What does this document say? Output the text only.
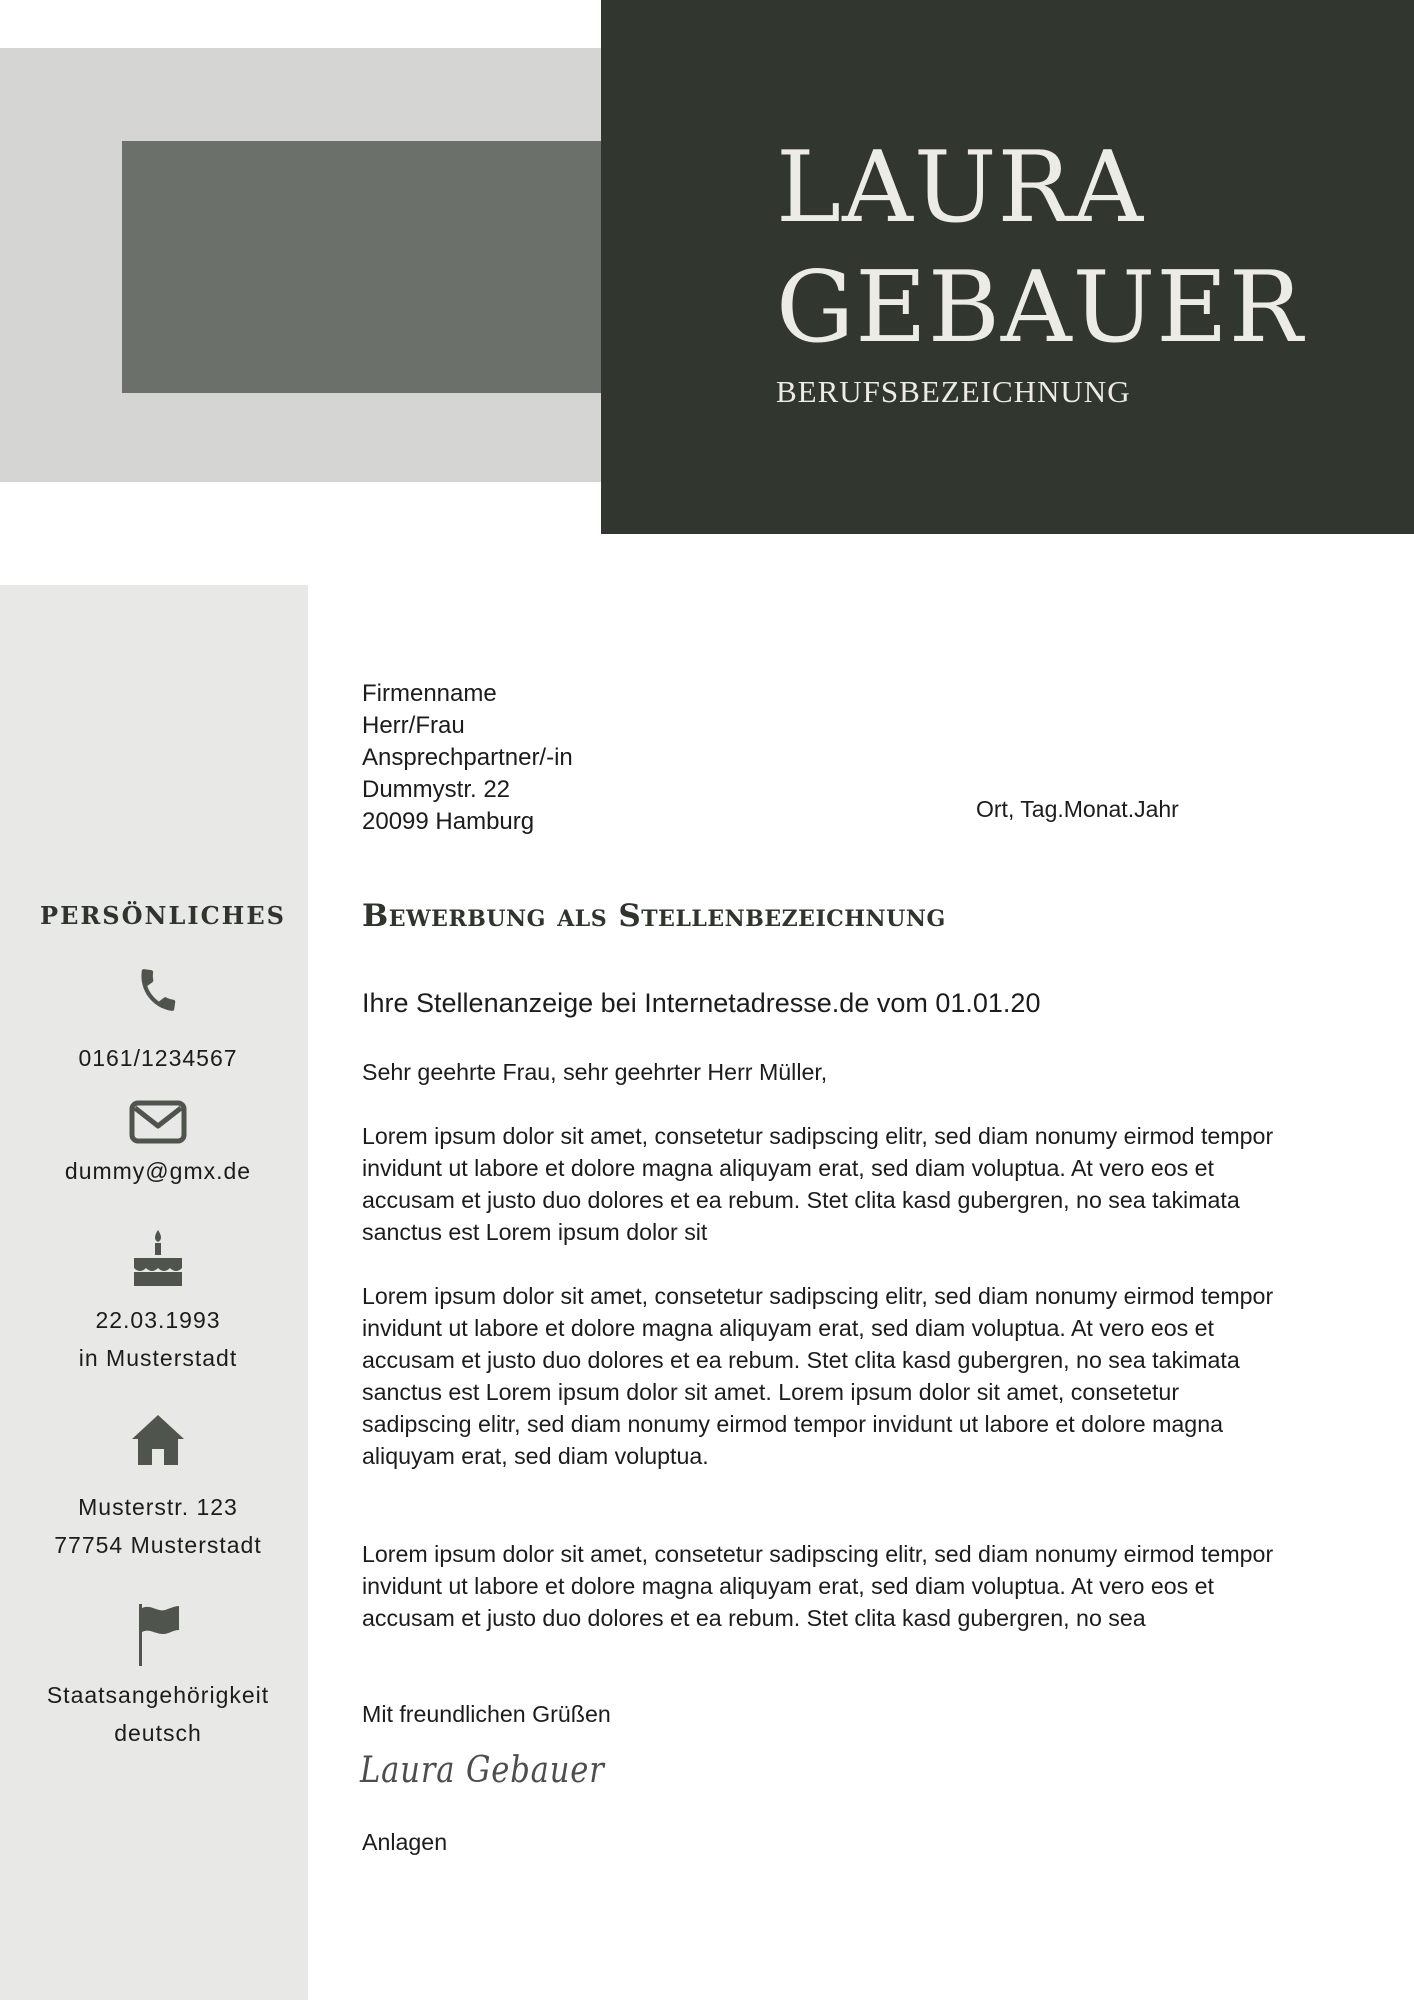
LAURA
GEBAUER
BERUFSBEZEICHNUNG
PERSÖNLICHES
0161/1234567
dummy@gmx.de
22.03.1993
in Musterstadt
Musterstr. 123
77754 Musterstadt
Staatsangehörigkeit
deutsch
Firmenname
Herr/Frau
Ansprechpartner/-in
Dummystr. 22
20099 Hamburg	Ort, Tag.Monat.Jahr
Bewerbung als Stellenbezeichnung
Ihre Stellenanzeige bei Internetadresse.de vom 01.01.20

Sehr geehrte Frau, sehr geehrter Herr Müller,

Lorem ipsum dolor sit amet, consetetur sadipscing elitr, sed diam nonumy eirmod tempor invidunt ut labore et dolore magna aliquyam erat, sed diam voluptua. At vero eos et accusam et justo duo dolores et ea rebum. Stet clita kasd gubergren, no sea takimata sanctus est Lorem ipsum dolor sit

Lorem ipsum dolor sit amet, consetetur sadipscing elitr, sed diam nonumy eirmod tempor invidunt ut labore et dolore magna aliquyam erat, sed diam voluptua. At vero eos et accusam et justo duo dolores et ea rebum. Stet clita kasd gubergren, no sea takimata sanctus est Lorem ipsum dolor sit amet. Lorem ipsum dolor sit amet, consetetur sadipscing elitr, sed diam nonumy eirmod tempor invidunt ut labore et dolore magna aliquyam erat, sed diam voluptua.

Lorem ipsum dolor sit amet, consetetur sadipscing elitr, sed diam nonumy eirmod tempor invidunt ut labore et dolore magna aliquyam erat, sed diam voluptua. At vero eos et accusam et justo duo dolores et ea rebum. Stet clita kasd gubergren, no sea

Mit freundlichen Grüßen

Laura Gebauer

Anlagen
